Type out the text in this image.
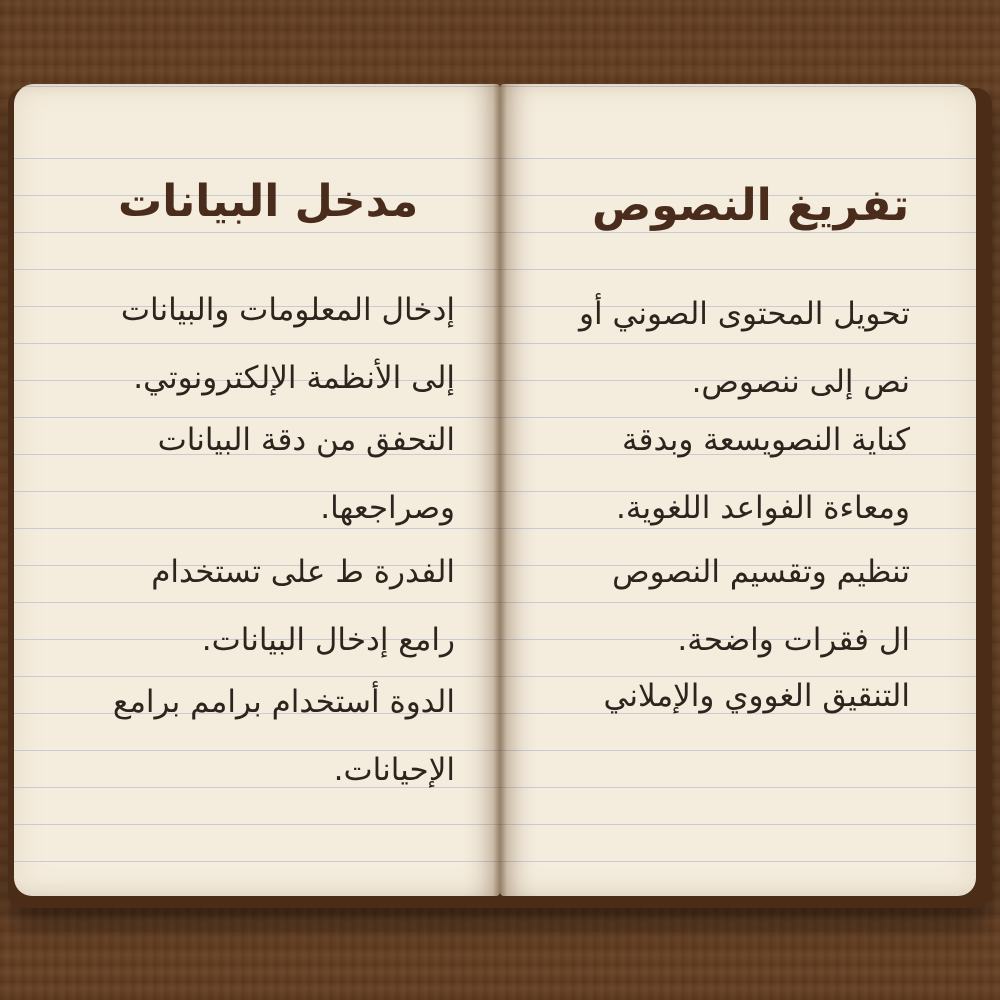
مدخل البيانات

إدخال المعلومات والبيانات
إلى الأنظمة الإلكترونوتي.

التحفق من دقة البيانات
وصراجعها.

الفدرة ط على تستخدام
رامع إدخال البيانات.

الدوة أستخدام برامم برامع
الإحيانات.

تفريغ النصوص

تحويل المحتوى الصوني أو
نص إلى ننصوص.

كناية النصويسعة وبدقة
ومعاءة الفواعد اللغوية.

تنظيم وتقسيم النصوص
ال فقرات واضحة.

التنقيق الغووي والإملاني
